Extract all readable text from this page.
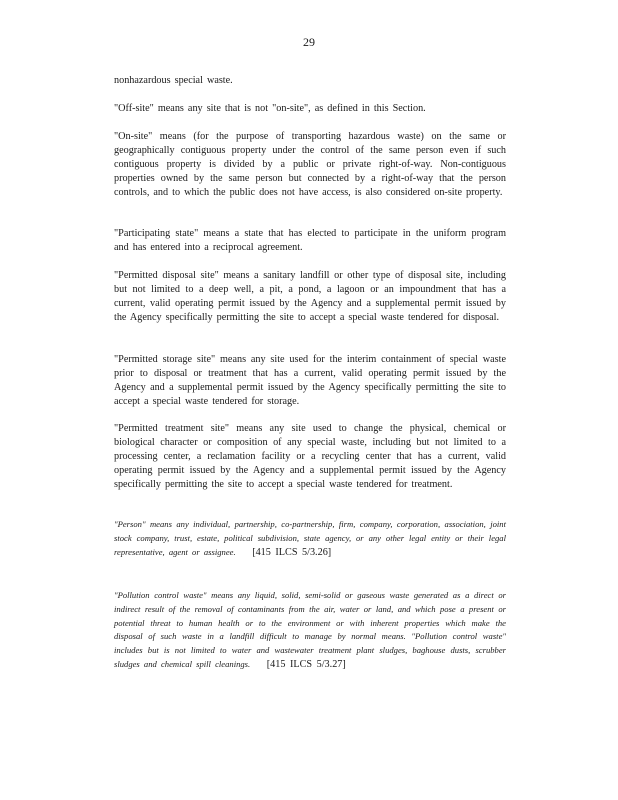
29

nonhazardous special waste.

"Off-site" means any site that is not "on-site", as defined in this Section.

"On-site" means (for the purpose of transporting hazardous waste) on the same or geographically contiguous property under the control of the same person even if such contiguous property is divided by a public or private right-of-way. Non-contiguous properties owned by the same person but connected by a right-of-way that the person controls, and to which the public does not have access, is also considered on-site property.

"Participating state" means a state that has elected to participate in the uniform program and has entered into a reciprocal agreement.

"Permitted disposal site" means a sanitary landfill or other type of disposal site, including but not limited to a deep well, a pit, a pond, a lagoon or an impoundment that has a current, valid operating permit issued by the Agency and a supplemental permit issued by the Agency specifically permitting the site to accept a special waste tendered for disposal.

"Permitted storage site" means any site used for the interim containment of special waste prior to disposal or treatment that has a current, valid operating permit issued by the Agency and a supplemental permit issued by the Agency specifically permitting the site to accept a special waste tendered for storage.

"Permitted treatment site" means any site used to change the physical, chemical or biological character or composition of any special waste, including but not limited to a processing center, a reclamation facility or a recycling center that has a current, valid operating permit issued by the Agency and a supplemental permit issued by the Agency specifically permitting the site to accept a special waste tendered for treatment.

"Person" means any individual, partnership, co-partnership, firm, company, corporation, association, joint stock company, trust, estate, political subdivision, state agency, or any other legal entity or their legal representative, agent or assignee. [415 ILCS 5/3.26]

"Pollution control waste" means any liquid, solid, semi-solid or gaseous waste generated as a direct or indirect result of the removal of contaminants from the air, water or land, and which pose a present or potential threat to human health or to the environment or with inherent properties which make the disposal of such waste in a landfill difficult to manage by normal means. "Pollution control waste" includes but is not limited to water and wastewater treatment plant sludges, baghouse dusts, scrubber sludges and chemical spill cleanings. [415 ILCS 5/3.27]
